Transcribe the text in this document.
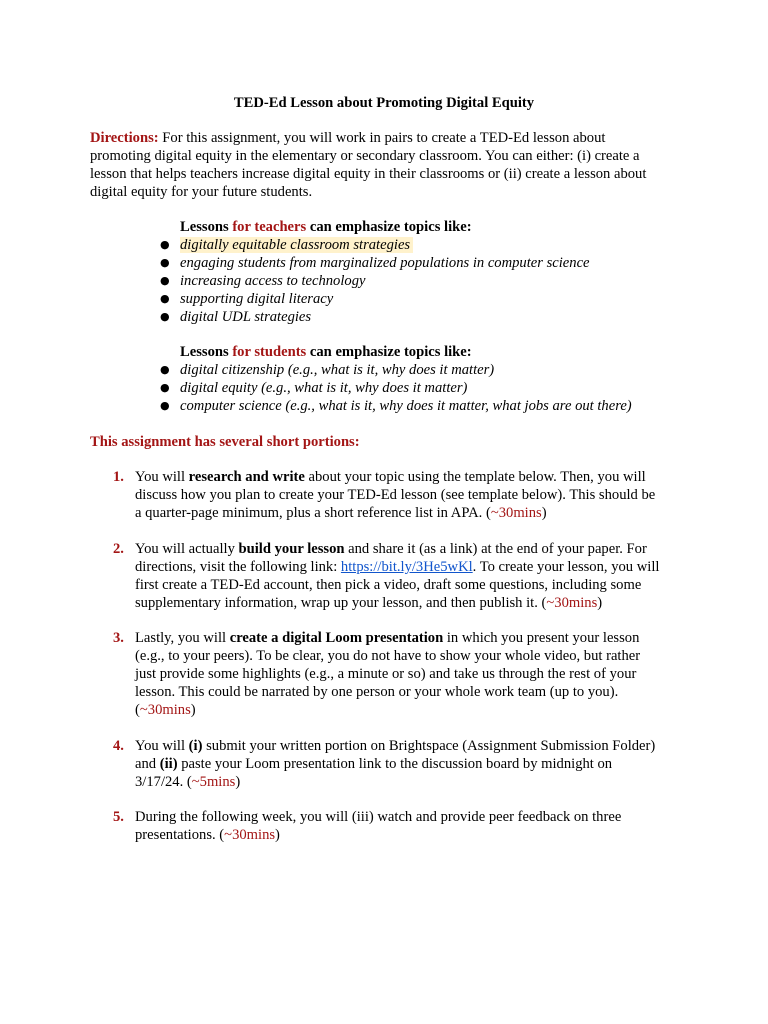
TED-Ed Lesson about Promoting Digital Equity
Directions: For this assignment, you will work in pairs to create a TED-Ed lesson about
promoting digital equity in the elementary or secondary classroom. You can either: (i) create a
lesson that helps teachers increase digital equity in their classrooms or (ii) create a lesson about
digital equity for your future students.
Lessons for teachers can emphasize topics like:
● digitally equitable classroom strategies
● engaging students from marginalized populations in computer science
● increasing access to technology
● supporting digital literacy
● digital UDL strategies
Lessons for students can emphasize topics like:
● digital citizenship (e.g., what is it, why does it matter)
● digital equity (e.g., what is it, why does it matter)
● computer science (e.g., what is it, why does it matter, what jobs are out there)
This assignment has several short portions:
1. You will research and write about your topic using the template below. Then, you will
discuss how you plan to create your TED-Ed lesson (see template below). This should be
a quarter-page minimum, plus a short reference list in APA. (~30mins)
2. You will actually build your lesson and share it (as a link) at the end of your paper. For
directions, visit the following link: https://bit.ly/3He5wKl. To create your lesson, you will
first create a TED-Ed account, then pick a video, draft some questions, including some
supplementary information, wrap up your lesson, and then publish it. (~30mins)
3. Lastly, you will create a digital Loom presentation in which you present your lesson
(e.g., to your peers). To be clear, you do not have to show your whole video, but rather
just provide some highlights (e.g., a minute or so) and take us through the rest of your
lesson. This could be narrated by one person or your whole work team (up to you).
(~30mins)
4. You will (i) submit your written portion on Brightspace (Assignment Submission Folder)
and (ii) paste your Loom presentation link to the discussion board by midnight on
3/17/24. (~5mins)
5. During the following week, you will (iii) watch and provide peer feedback on three
presentations. (~30mins)
